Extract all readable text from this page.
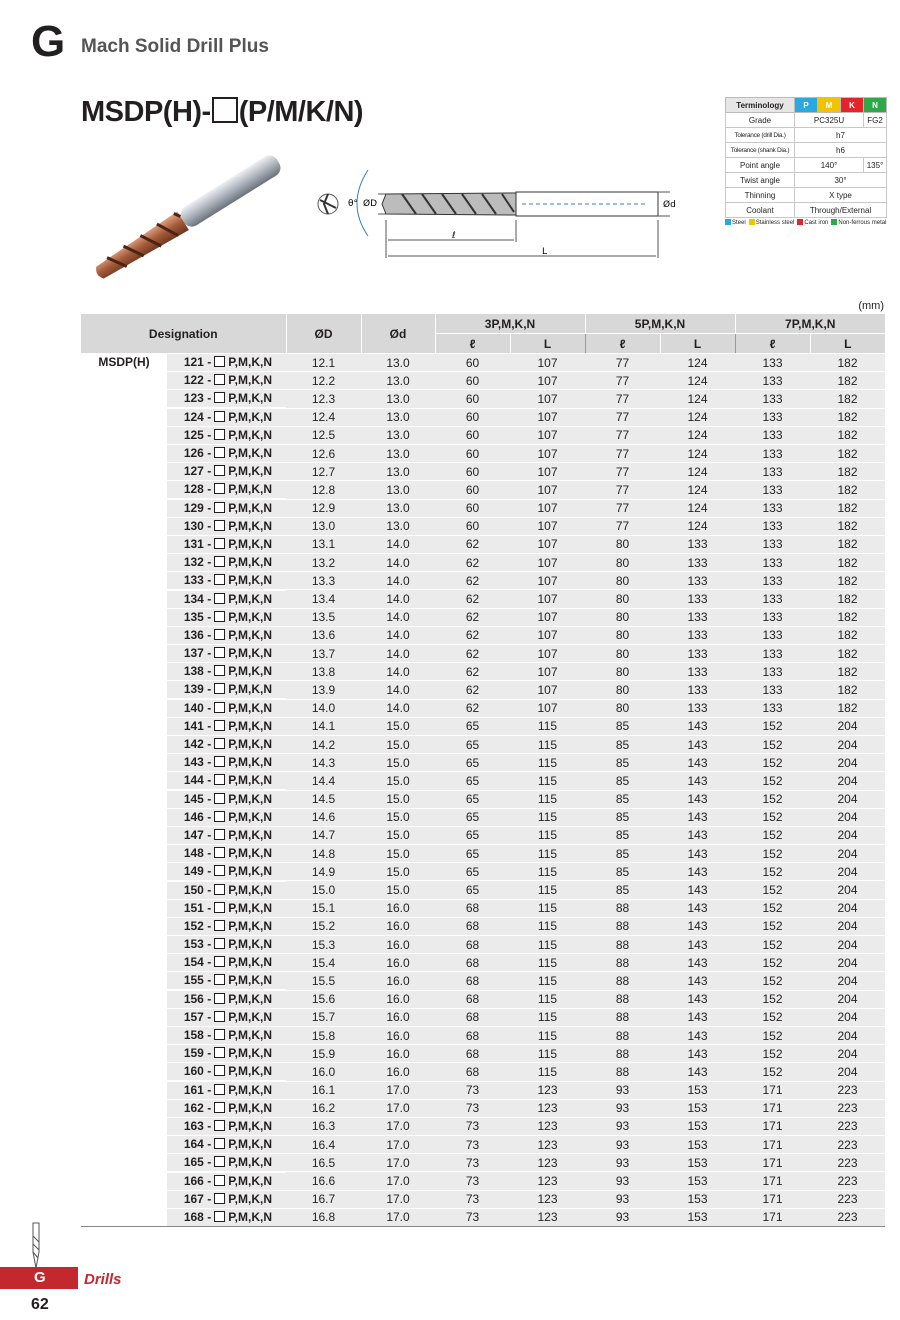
G Mach Solid Drill Plus
MSDP(H)- (P/M/K/N)
θ° ØD	Ød
ℓ
L
Terminology	P	M	K	N
Grade	PC325U			FG2
Tolerance (drill Dia.)	h7			
Tolerance (shank Dia.)	h6			
Point angle	140°			135°
Twist angle	30°			
Thinning	X type			
Coolant	Through/External			
Steel	Stainless steel	Cast iron	Non-ferrous metal
(mm)
Designation	ØD	Ød	3P,M,K,N		5P,M,K,N		7P,M,K,N	
			ℓ	L	ℓ	L	ℓ	L

MSDP(H) 121 - P,M,K,N	12.1	13.0	60	107	77	124	133	182

122 - P,M,K,N	12.2	13.0	60	107	77	124	133	182

123 - P,M,K,N	12.3	13.0	60	107	77	124	133	182

124 - P,M,K,N	12.4	13.0	60	107	77	124	133	182

125 - P,M,K,N	12.5	13.0	60	107	77	124	133	182

126 - P,M,K,N	12.6	13.0	60	107	77	124	133	182

127 - P,M,K,N	12.7	13.0	60	107	77	124	133	182

128 - P,M,K,N	12.8	13.0	60	107	77	124	133	182

129 - P,M,K,N	12.9	13.0	60	107	77	124	133	182

130 - P,M,K,N	13.0	13.0	60	107	77	124	133	182

131 - P,M,K,N	13.1	14.0	62	107	80	133	133	182

132 - P,M,K,N	13.2	14.0	62	107	80	133	133	182

133 - P,M,K,N	13.3	14.0	62	107	80	133	133	182

134 - P,M,K,N	13.4	14.0	62	107	80	133	133	182

135 - P,M,K,N	13.5	14.0	62	107	80	133	133	182

136 - P,M,K,N	13.6	14.0	62	107	80	133	133	182

137 - P,M,K,N	13.7	14.0	62	107	80	133	133	182

138 - P,M,K,N	13.8	14.0	62	107	80	133	133	182

139 - P,M,K,N	13.9	14.0	62	107	80	133	133	182

140 - P,M,K,N	14.0	14.0	62	107	80	133	133	182

141 - P,M,K,N	14.1	15.0	65	115	85	143	152	204

142 - P,M,K,N	14.2	15.0	65	115	85	143	152	204

143 - P,M,K,N	14.3	15.0	65	115	85	143	152	204

144 - P,M,K,N	14.4	15.0	65	115	85	143	152	204

145 - P,M,K,N	14.5	15.0	65	115	85	143	152	204

146 - P,M,K,N	14.6	15.0	65	115	85	143	152	204

147 - P,M,K,N	14.7	15.0	65	115	85	143	152	204

148 - P,M,K,N	14.8	15.0	65	115	85	143	152	204

149 - P,M,K,N	14.9	15.0	65	115	85	143	152	204

150 - P,M,K,N	15.0	15.0	65	115	85	143	152	204

151 - P,M,K,N	15.1	16.0	68	115	88	143	152	204

152 - P,M,K,N	15.2	16.0	68	115	88	143	152	204

153 - P,M,K,N	15.3	16.0	68	115	88	143	152	204

154 - P,M,K,N	15.4	16.0	68	115	88	143	152	204

155 - P,M,K,N	15.5	16.0	68	115	88	143	152	204

156 - P,M,K,N	15.6	16.0	68	115	88	143	152	204

157 - P,M,K,N	15.7	16.0	68	115	88	143	152	204

158 - P,M,K,N	15.8	16.0	68	115	88	143	152	204

159 - P,M,K,N	15.9	16.0	68	115	88	143	152	204

160 - P,M,K,N	16.0	16.0	68	115	88	143	152	204

161 - P,M,K,N	16.1	17.0	73	123	93	153	171	223

162 - P,M,K,N	16.2	17.0	73	123	93	153	171	223

163 - P,M,K,N	16.3	17.0	73	123	93	153	171	223

164 - P,M,K,N	16.4	17.0	73	123	93	153	171	223

165 - P,M,K,N	16.5	17.0	73	123	93	153	171	223

166 - P,M,K,N	16.6	17.0	73	123	93	153	171	223

167 - P,M,K,N	16.7	17.0	73	123	93	153	171	223

168 - P,M,K,N	16.8	17.0	73	123	93	153	171	223
G	Drills
62
